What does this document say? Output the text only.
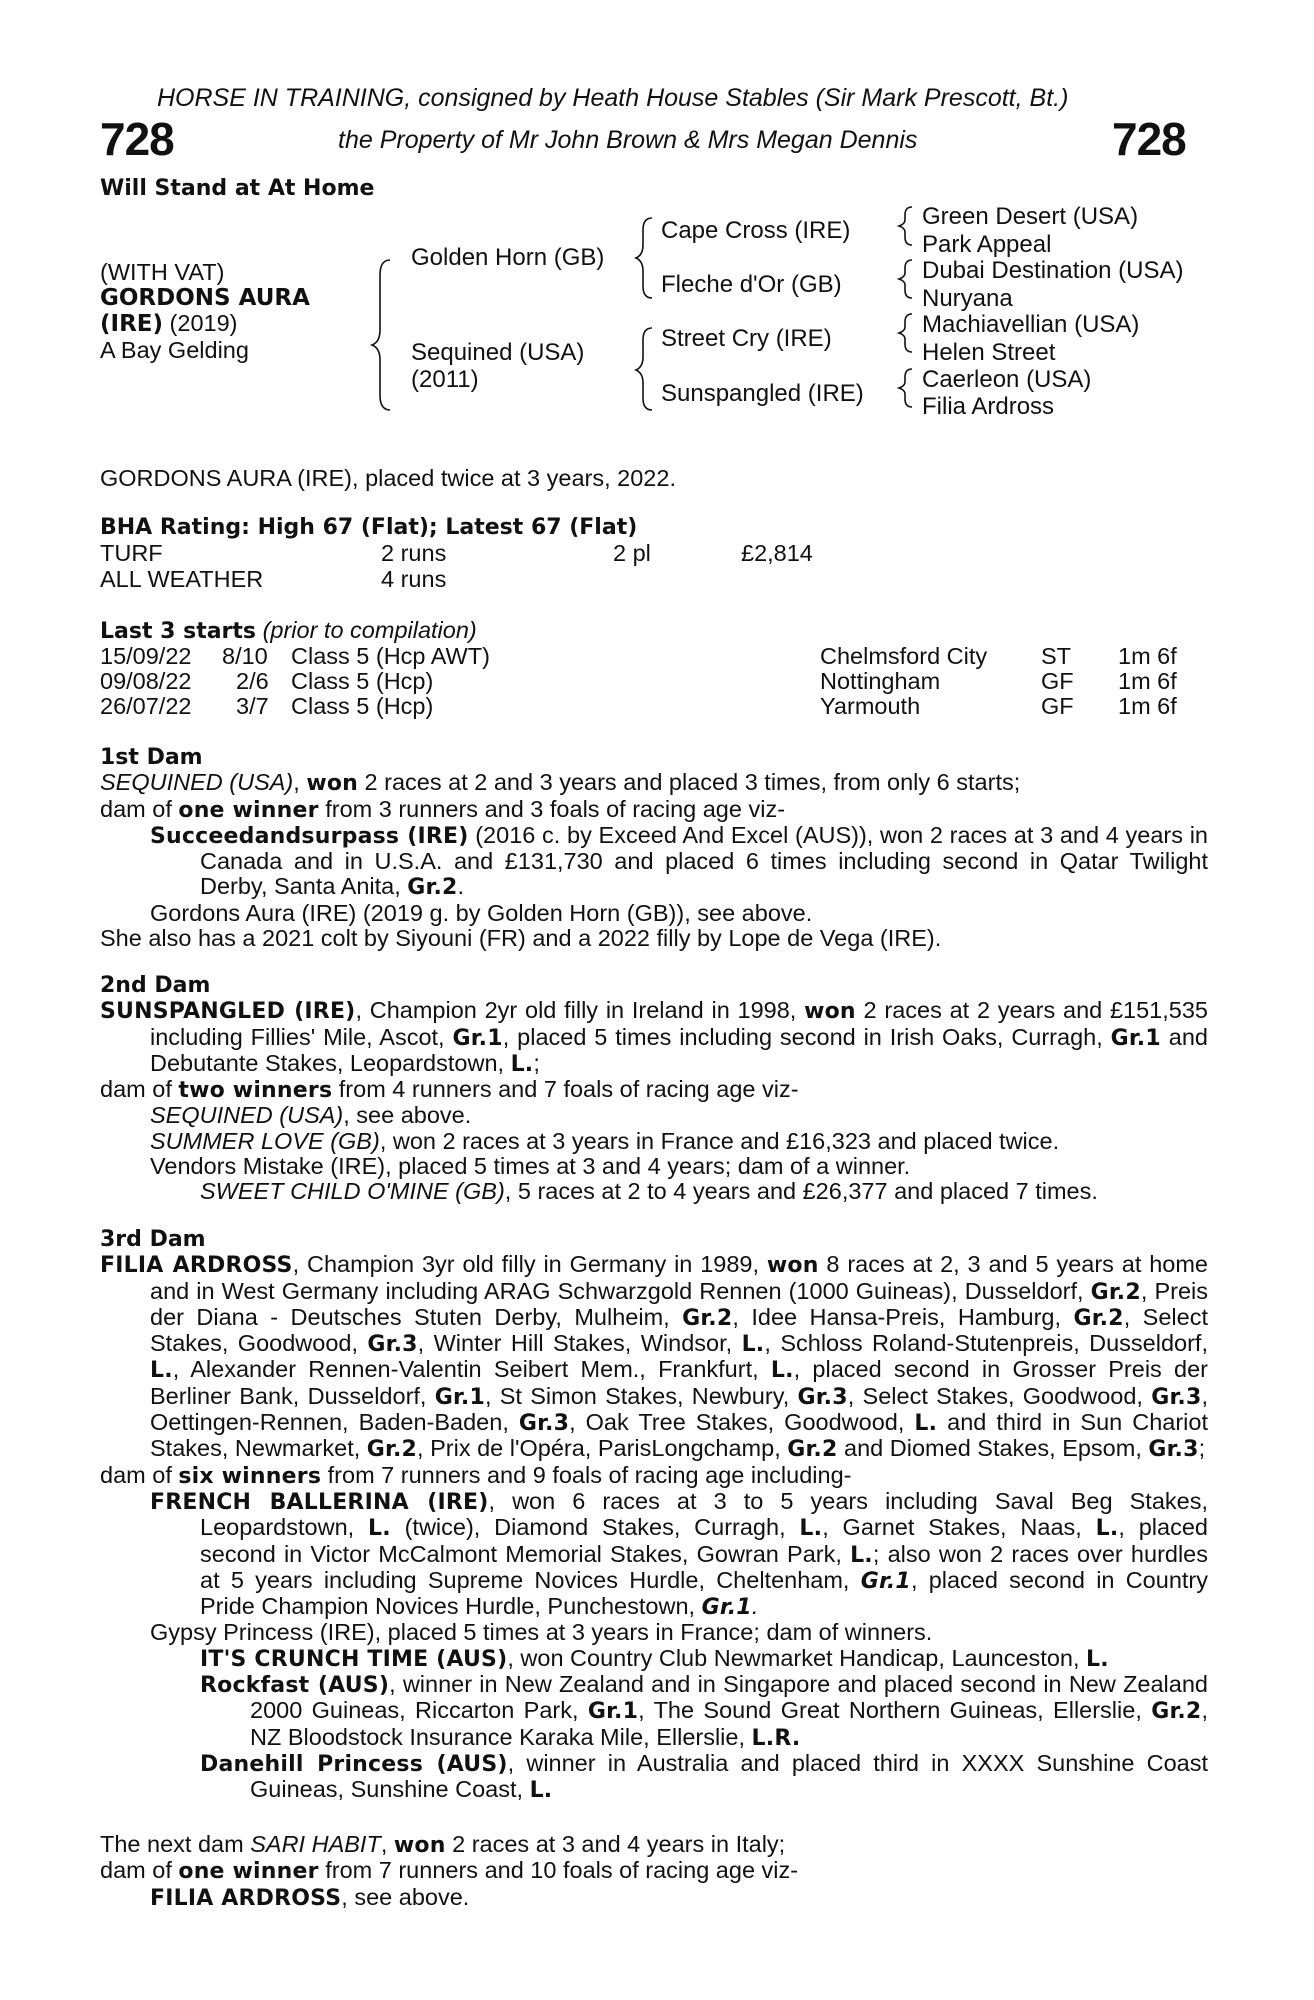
HORSE IN TRAINING, consigned by Heath House Stables (Sir Mark Prescott, Bt.)
728	the Property of Mr John Brown & Mrs Megan Dennis	728
Will Stand at At Home
(WITH VAT)
GORDONS AURA
(IRE) (2019)
A Bay Gelding
Golden Horn (GB)
Sequined (USA)
(2011)
Cape Cross (IRE)
Fleche d'Or (GB)
Street Cry (IRE)
Sunspangled (IRE)
Green Desert (USA)
Park Appeal
Dubai Destination (USA)
Nuryana
Machiavellian (USA)
Helen Street
Caerleon (USA)
Filia Ardross
GORDONS AURA (IRE), placed twice at 3 years, 2022.
BHA Rating: High 67 (Flat); Latest 67 (Flat)
TURF	2 runs	2 pl	£2,814
ALL WEATHER	4 runs
Last 3 starts (prior to compilation)
15/09/22 8/10 Class 5 (Hcp AWT)	Chelmsford City ST 1m 6f
09/08/22 2/6 Class 5 (Hcp)	Nottingham	GF 1m 6f
26/07/22 3/7 Class 5 (Hcp)	Yarmouth	GF 1m 6f

1st Dam

SEQUINED (USA), won 2 races at 2 and 3 years and placed 3 times, from only 6 starts;

dam of one winner from 3 runners and 3 foals of racing age viz-

Succeedandsurpass (IRE) (2016 c. by Exceed And Excel (AUS)), won 2 races at 3 and 4 years in Canada and in U.S.A. and £131,730 and placed 6 times including second in Qatar Twilight Derby, Santa Anita, Gr.2.

Gordons Aura (IRE) (2019 g. by Golden Horn (GB)), see above.

She also has a 2021 colt by Siyouni (FR) and a 2022 filly by Lope de Vega (IRE).

2nd Dam

SUNSPANGLED (IRE), Champion 2yr old filly in Ireland in 1998, won 2 races at 2 years and £151,535 including Fillies' Mile, Ascot, Gr.1, placed 5 times including second in Irish Oaks, Curragh, Gr.1 and Debutante Stakes, Leopardstown, L.;

dam of two winners from 4 runners and 7 foals of racing age viz-

SEQUINED (USA), see above.

SUMMER LOVE (GB), won 2 races at 3 years in France and £16,323 and placed twice.

Vendors Mistake (IRE), placed 5 times at 3 and 4 years; dam of a winner.

SWEET CHILD O'MINE (GB), 5 races at 2 to 4 years and £26,377 and placed 7 times.

3rd Dam

FILIA ARDROSS, Champion 3yr old filly in Germany in 1989, won 8 races at 2, 3 and 5 years at home and in West Germany including ARAG Schwarzgold Rennen (1000 Guineas), Dusseldorf, Gr.2, Preis der Diana - Deutsches Stuten Derby, Mulheim, Gr.2, Idee Hansa-Preis, Hamburg, Gr.2, Select Stakes, Goodwood, Gr.3, Winter Hill Stakes, Windsor, L., Schloss Roland-Stutenpreis, Dusseldorf, L., Alexander Rennen-Valentin Seibert Mem., Frankfurt, L., placed second in Grosser Preis der Berliner Bank, Dusseldorf, Gr.1, St Simon Stakes, Newbury, Gr.3, Select Stakes, Goodwood, Gr.3, Oettingen-Rennen, Baden-Baden, Gr.3, Oak Tree Stakes, Goodwood, L. and third in Sun Chariot Stakes, Newmarket, Gr.2, Prix de l'Opéra, ParisLongchamp, Gr.2 and Diomed Stakes, Epsom, Gr.3;

dam of six winners from 7 runners and 9 foals of racing age including-

FRENCH BALLERINA (IRE), won 6 races at 3 to 5 years including Saval Beg Stakes, Leopardstown, L. (twice), Diamond Stakes, Curragh, L., Garnet Stakes, Naas, L., placed second in Victor McCalmont Memorial Stakes, Gowran Park, L.; also won 2 races over hurdles at 5 years including Supreme Novices Hurdle, Cheltenham, Gr.1, placed second in Country Pride Champion Novices Hurdle, Punchestown, Gr.1.

Gypsy Princess (IRE), placed 5 times at 3 years in France; dam of winners.

IT'S CRUNCH TIME (AUS), won Country Club Newmarket Handicap, Launceston, L.

Rockfast (AUS), winner in New Zealand and in Singapore and placed second in New Zealand 2000 Guineas, Riccarton Park, Gr.1, The Sound Great Northern Guineas, Ellerslie, Gr.2, NZ Bloodstock Insurance Karaka Mile, Ellerslie, L.R.

Danehill Princess (AUS), winner in Australia and placed third in XXXX Sunshine Coast Guineas, Sunshine Coast, L.

The next dam SARI HABIT, won 2 races at 3 and 4 years in Italy;

dam of one winner from 7 runners and 10 foals of racing age viz-

FILIA ARDROSS, see above.
